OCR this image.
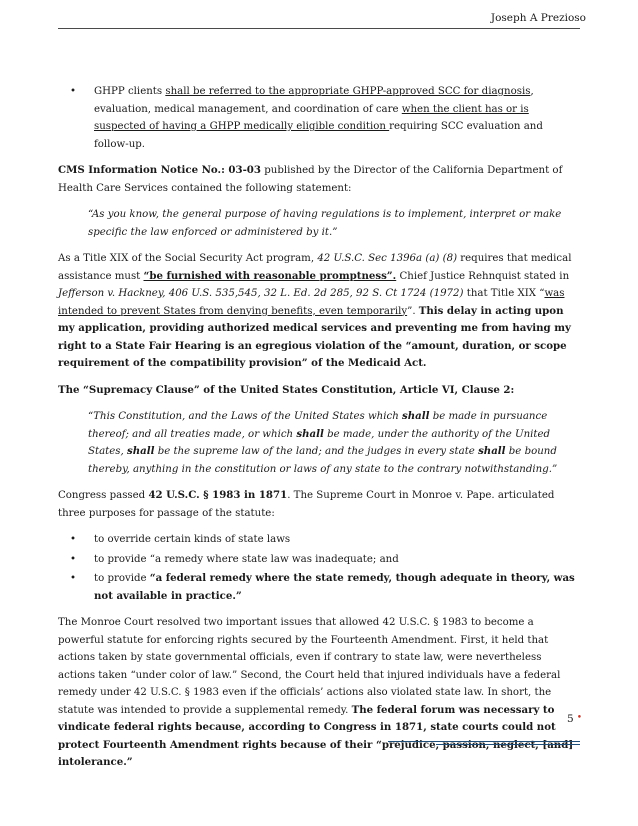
Joseph A Prezioso
• GHPP clients shall be referred to the appropriate GHPP-approved SCC for diagnosis, evaluation, medical management, and coordination of care when the client has or is suspected of having a GHPP medically eligible condition requiring SCC evaluation and follow-up.

CMS Information Notice No.: 03-03 published by the Director of the California Department of Health Care Services contained the following statement:

“As you know, the general purpose of having regulations is to implement, interpret or make specific the law enforced or administered by it.”

As a Title XIX of the Social Security Act program, 42 U.S.C. Sec 1396a (a) (8) requires that medical assistance must “be furnished with reasonable promptness”. Chief Justice Rehnquist stated in Jefferson v. Hackney, 406 U.S. 535,545, 32 L. Ed. 2d 285, 92 S. Ct 1724 (1972) that Title XIX “was intended to prevent States from denying benefits, even temporarily”. This delay in acting upon my application, providing authorized medical services and preventing me from having my right to a State Fair Hearing is an egregious violation of the “amount, duration, or scope requirement of the compatibility provision” of the Medicaid Act.

The “Supremacy Clause” of the United States Constitution, Article VI, Clause 2:

“This Constitution, and the Laws of the United States which shall be made in pursuance thereof; and all treaties made, or which shall be made, under the authority of the United States, shall be the supreme law of the land; and the judges in every state shall be bound thereby, anything in the constitution or laws of any state to the contrary notwithstanding.”

Congress passed 42 U.S.C. § 1983 in 1871. The Supreme Court in Monroe v. Pape. articulated three purposes for passage of the statute:

• to override certain kinds of state laws
• to provide “a remedy where state law was inadequate; and
• to provide “a federal remedy where the state remedy, though adequate in theory, was not available in practice.”

The Monroe Court resolved two important issues that allowed 42 U.S.C. § 1983 to become a powerful statute for enforcing rights secured by the Fourteenth Amendment. First, it held that actions taken by state governmental officials, even if contrary to state law, were nevertheless actions taken “under color of law.” Second, the Court held that injured individuals have a federal remedy under 42 U.S.C. § 1983 even if the officials’ actions also violated state law. In short, the statute was intended to provide a supplemental remedy. The federal forum was necessary to vindicate federal rights because, according to Congress in 1871, state courts could not protect Fourteenth Amendment rights because of their “prejudice, passion, neglect, [and] intolerance.”

5 •
